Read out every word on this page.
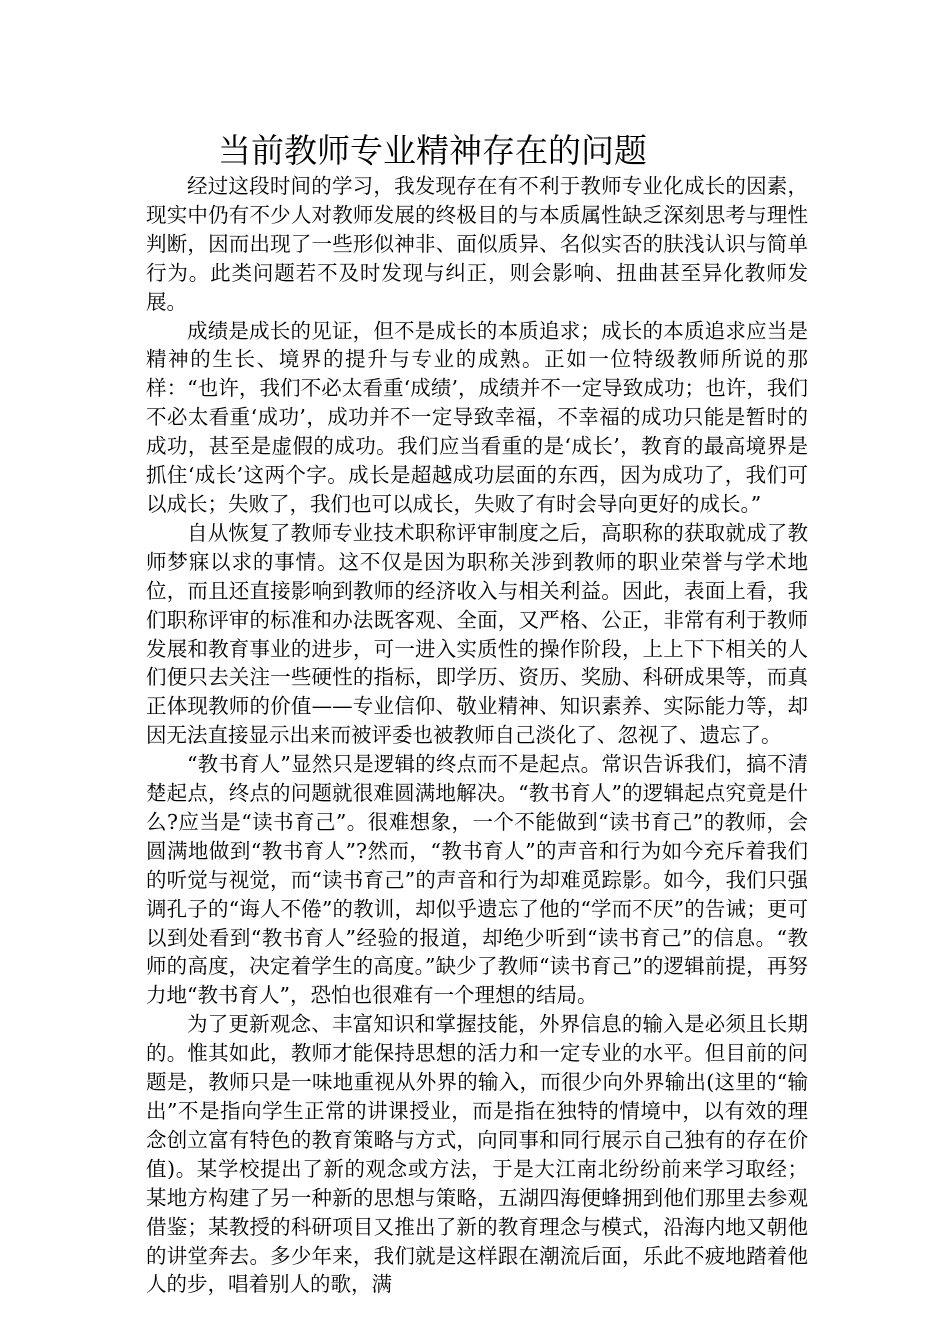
当前教师专业精神存在的问题

经过这段时间的学习，我发现存在有不利于教师专业化成长的因素，现实中仍有不少人对教师发展的终极目的与本质属性缺乏深刻思考与理性判断，因而出现了一些形似神非、面似质异、名似实否的肤浅认识与简单行为。此类问题若不及时发现与纠正，则会影响、扭曲甚至异化教师发展。

成绩是成长的见证，但不是成长的本质追求；成长的本质追求应当是精神的生长、境界的提升与专业的成熟。正如一位特级教师所说的那样：“也许，我们不必太看重‘成绩’，成绩并不一定导致成功；也许，我们不必太看重‘成功’，成功并不一定导致幸福，不幸福的成功只能是暂时的成功，甚至是虚假的成功。我们应当看重的是‘成长’，教育的最高境界是抓住‘成长’这两个字。成长是超越成功层面的东西，因为成功了，我们可以成长；失败了，我们也可以成长，失败了有时会导向更好的成长。”

自从恢复了教师专业技术职称评审制度之后，高职称的获取就成了教师梦寐以求的事情。这不仅是因为职称关涉到教师的职业荣誉与学术地位，而且还直接影响到教师的经济收入与相关利益。因此，表面上看，我们职称评审的标准和办法既客观、全面，又严格、公正，非常有利于教师发展和教育事业的进步，可一进入实质性的操作阶段，上上下下相关的人们便只去关注一些硬性的指标，即学历、资历、奖励、科研成果等，而真正体现教师的价值——专业信仰、敬业精神、知识素养、实际能力等，却因无法直接显示出来而被评委也被教师自己淡化了、忽视了、遗忘了。

“教书育人”显然只是逻辑的终点而不是起点。常识告诉我们，搞不清楚起点，终点的问题就很难圆满地解决。“教书育人”的逻辑起点究竟是什么?应当是“读书育己”。很难想象，一个不能做到“读书育己”的教师，会圆满地做到“教书育人”?然而，“教书育人”的声音和行为如今充斥着我们的听觉与视觉，而“读书育己”的声音和行为却难觅踪影。如今，我们只强调孔子的“诲人不倦”的教训，却似乎遗忘了他的“学而不厌”的告诫；更可以到处看到“教书育人”经验的报道，却绝少听到“读书育己”的信息。“教师的高度，决定着学生的高度。”缺少了教师“读书育己”的逻辑前提，再努力地“教书育人”，恐怕也很难有一个理想的结局。

为了更新观念、丰富知识和掌握技能，外界信息的输入是必须且长期的。惟其如此，教师才能保持思想的活力和一定专业的水平。但目前的问题是，教师只是一味地重视从外界的输入，而很少向外界输出(这里的“输出”不是指向学生正常的讲课授业，而是指在独特的情境中，以有效的理念创立富有特色的教育策略与方式，向同事和同行展示自己独有的存在价值)。某学校提出了新的观念或方法，于是大江南北纷纷前来学习取经；某地方构建了另一种新的思想与策略，五湖四海便蜂拥到他们那里去参观借鉴；某教授的科研项目又推出了新的教育理念与模式，沿海内地又朝他的讲堂奔去。多少年来，我们就是这样跟在潮流后面，乐此不疲地踏着他人的步，唱着别人的歌，满
